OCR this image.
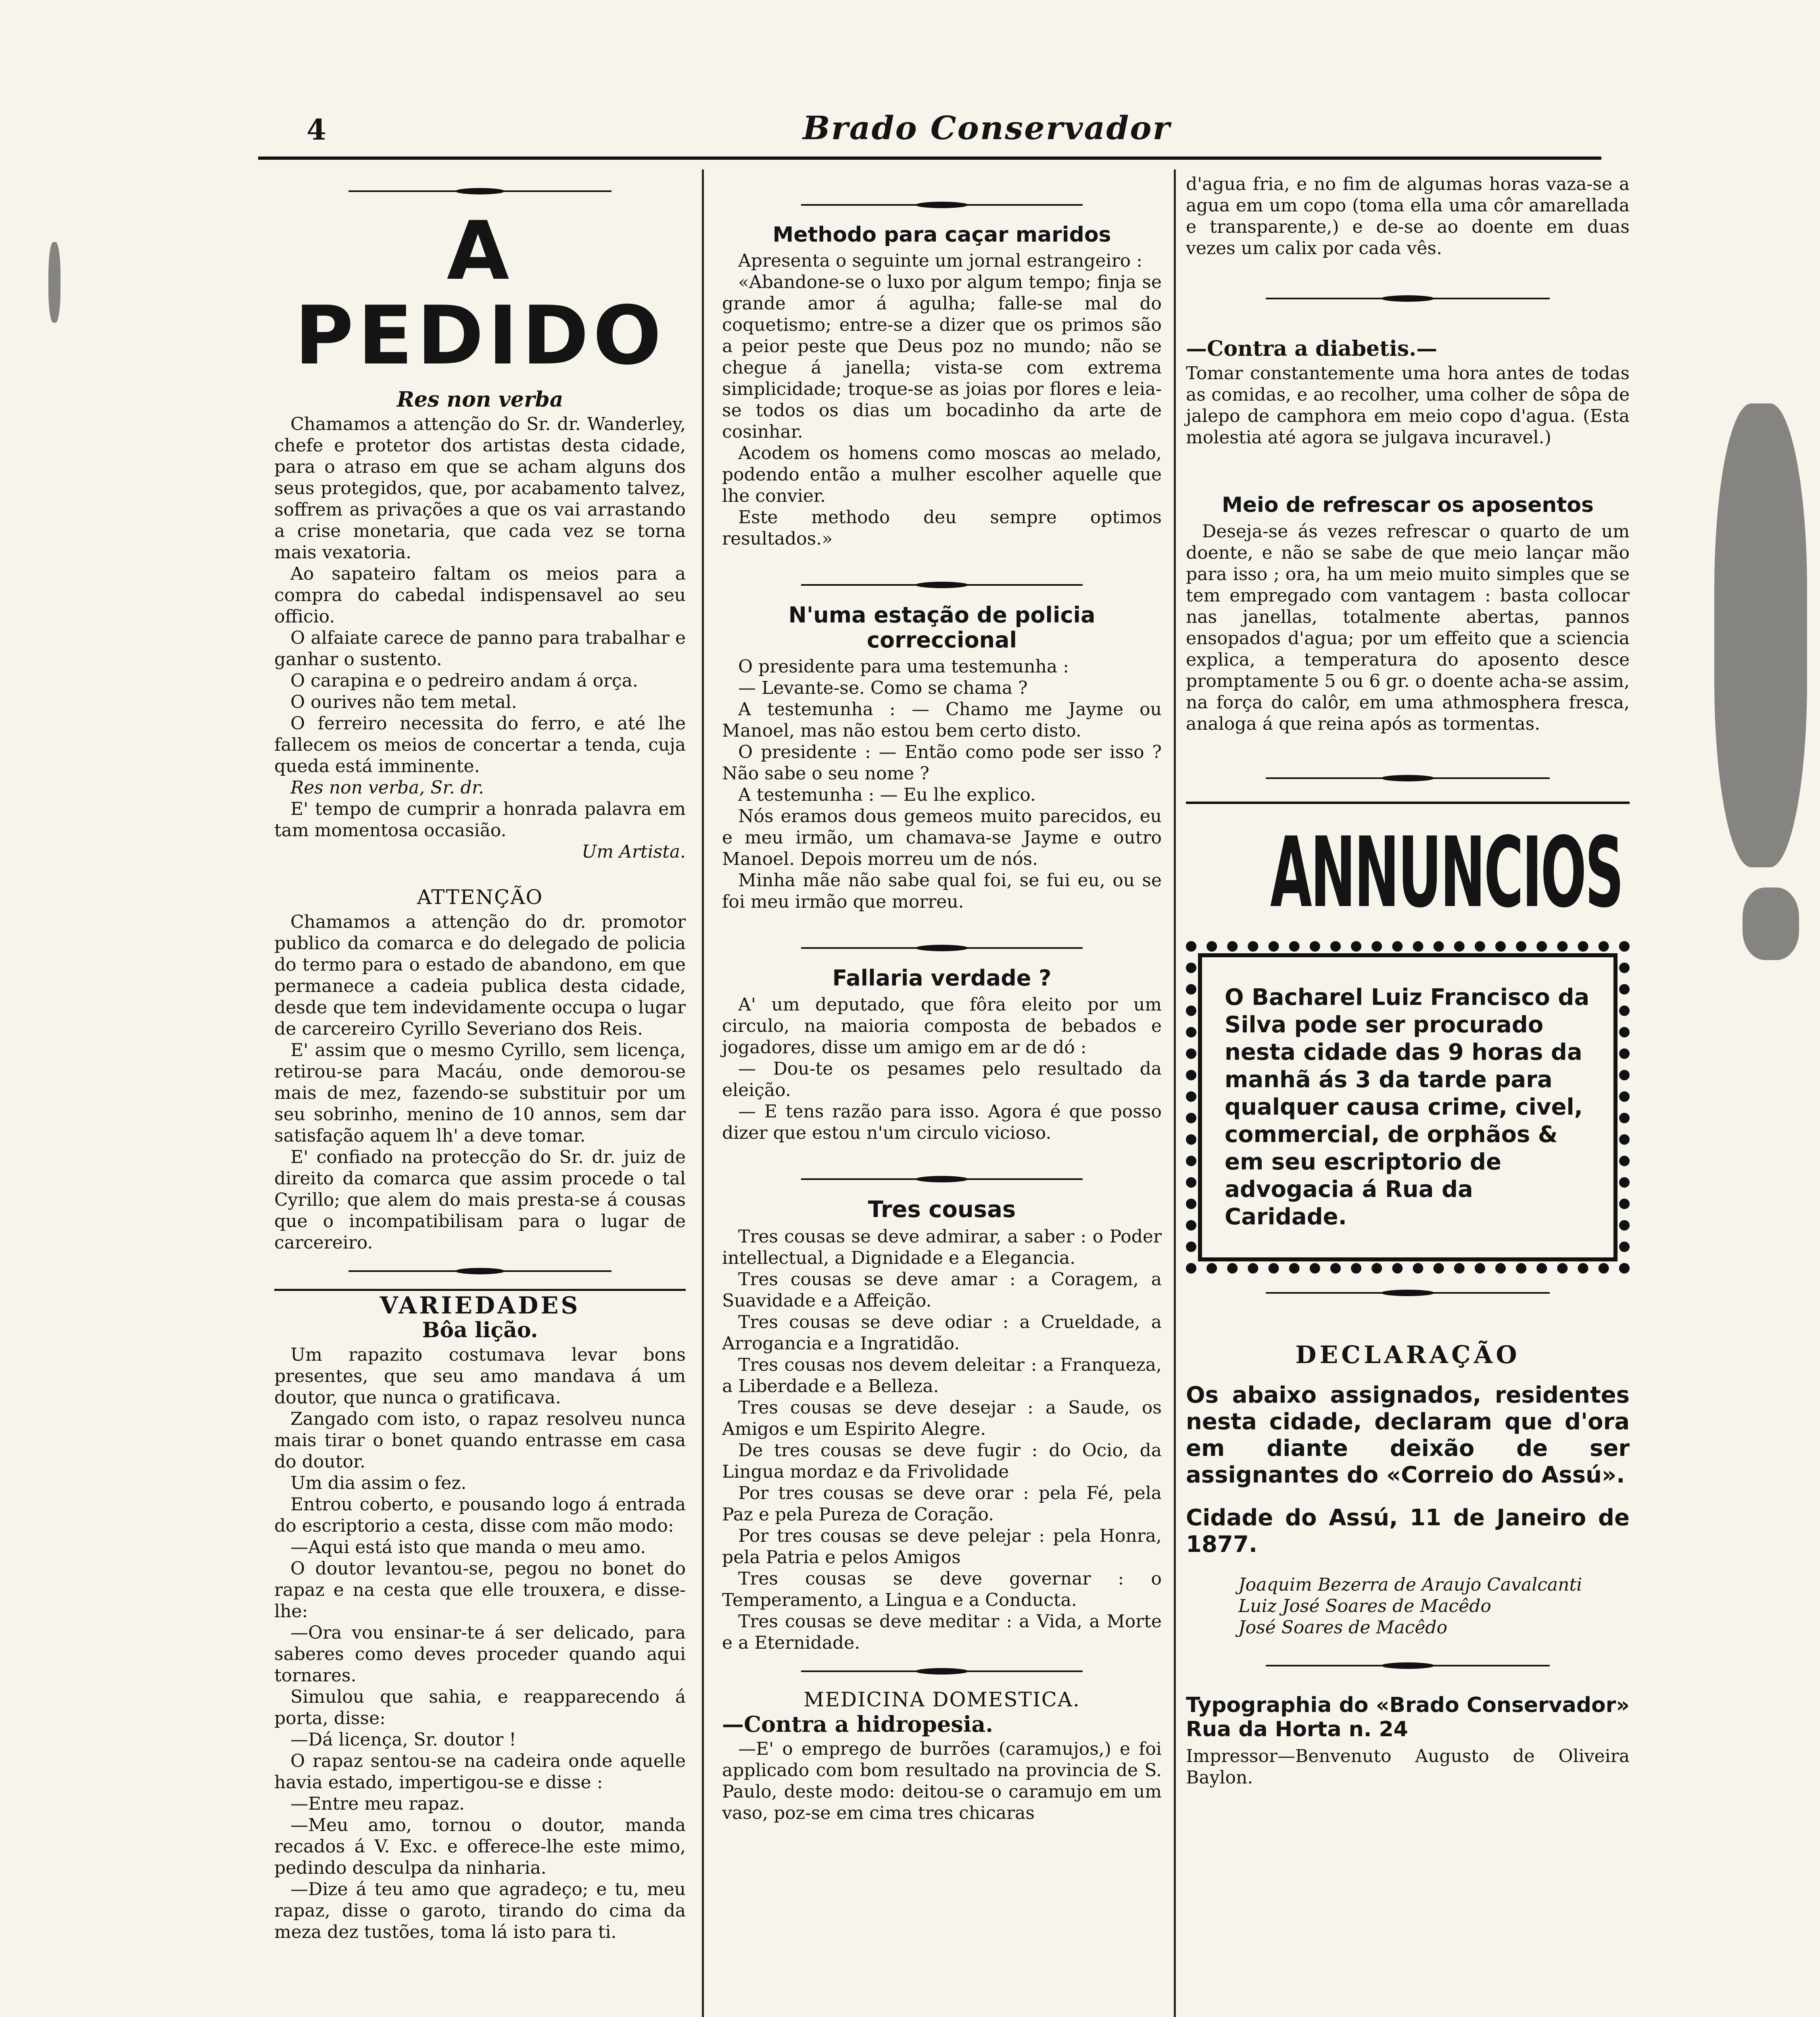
4	Brado Conservador
A PEDIDO
Res non verba

Chamamos a attenção do Sr. dr. Wanderley, chefe e protetor dos artistas desta cidade, para o atraso em que se acham alguns dos seus protegidos, que, por acabamento talvez, soffrem as privações a que os vai arrastando a crise monetaria, que cada vez se torna mais vexatoria.

Ao sapateiro faltam os meios para a compra do cabedal indispensavel ao seu officio.

O alfaiate carece de panno para trabalhar e ganhar o sustento.

O carapina e o pedreiro andam á orça.

O ourives não tem metal.

O ferreiro necessita do ferro, e até lhe fallecem os meios de concertar a tenda, cuja queda está imminente.

Res non verba, Sr. dr.

E' tempo de cumprir a honrada palavra em tam momentosa occasião.

Um Artista.

ATTENÇÃO

Chamamos a attenção do dr. promotor publico da comarca e do delegado de policia do termo para o estado de abandono, em que permanece a cadeia publica desta cidade, desde que tem indevidamente occupa o lugar de carcereiro Cyrillo Severiano dos Reis.

E' assim que o mesmo Cyrillo, sem licença, retirou-se para Macáu, onde demorou-se mais de mez, fazendo-se substituir por um seu sobrinho, menino de 10 annos, sem dar satisfação aquem lh' a deve tomar.

E' confiado na protecção do Sr. dr. juiz de direito da comarca que assim procede o tal Cyrillo; que alem do mais presta-se á cousas que o incompatibilisam para o lugar de carcereiro.

VARIEDADES
Bôa lição.

Um rapazito costumava levar bons presentes, que seu amo mandava á um doutor, que nunca o gratificava.

Zangado com isto, o rapaz resolveu nunca mais tirar o bonet quando entrasse em casa do doutor.

Um dia assim o fez.

Entrou coberto, e pousando logo á entrada do escriptorio a cesta, disse com mão modo:

—Aqui está isto que manda o meu amo.

O doutor levantou-se, pegou no bonet do rapaz e na cesta que elle trouxera, e disse-lhe:

—Ora vou ensinar-te á ser delicado, para saberes como deves proceder quando aqui tornares.

Simulou que sahia, e reapparecendo á porta, disse:

—Dá licença, Sr. doutor !

O rapaz sentou-se na cadeira onde aquelle havia estado, impertigou-se e disse :

—Entre meu rapaz.

—Meu amo, tornou o doutor, manda recados á V. Exc. e offerece-lhe este mimo, pedindo desculpa da ninharia.

—Dize á teu amo que agradeço; e tu, meu rapaz, disse o garoto, tirando do cima da meza dez tustões, toma lá isto para ti.

Methodo para caçar maridos

Apresenta o seguinte um jornal estrangeiro :

«Abandone-se o luxo por algum tempo; finja se grande amor á agulha; falle-se mal do coquetismo; entre-se a dizer que os primos são a peior peste que Deus poz no mundo; não se chegue á janella; vista-se com extrema simplicidade; troque-se as joias por flores e leia-se todos os dias um bocadinho da arte de cosinhar.

Acodem os homens como moscas ao melado, podendo então a mulher escolher aquelle que lhe convier.

Este methodo deu sempre optimos resultados.»

N'uma estação de policia correccional

O presidente para uma testemunha :

— Levante-se. Como se chama ?

A testemunha : — Chamo me Jayme ou Manoel, mas não estou bem certo disto.

O presidente : — Então como pode ser isso ? Não sabe o seu nome ?

A testemunha : — Eu lhe explico.

Nós eramos dous gemeos muito parecidos, eu e meu irmão, um chamava-se Jayme e outro Manoel. Depois morreu um de nós.

Minha mãe não sabe qual foi, se fui eu, ou se foi meu irmão que morreu.

Fallaria verdade ?

A' um deputado, que fôra eleito por um circulo, na maioria composta de bebados e jogadores, disse um amigo em ar de dó :

— Dou-te os pesames pelo resultado da eleição.

— E tens razão para isso. Agora é que posso dizer que estou n'um circulo vicioso.

Tres cousas

Tres cousas se deve admirar, a saber : o Poder intellectual, a Dignidade e a Elegancia.

Tres cousas se deve amar : a Coragem, a Suavidade e a Affeição.

Tres cousas se deve odiar : a Crueldade, a Arrogancia e a Ingratidão.

Tres cousas nos devem deleitar : a Franqueza, a Liberdade e a Belleza.

Tres cousas se deve desejar : a Saude, os Amigos e um Espirito Alegre.

De tres cousas se deve fugir : do Ocio, da Lingua mordaz e da Frivolidade

Por tres cousas se deve orar : pela Fé, pela Paz e pela Pureza de Coração.

Por tres cousas se deve pelejar : pela Honra, pela Patria e pelos Amigos

Tres cousas se deve governar : o Temperamento, a Lingua e a Conducta.

Tres cousas se deve meditar : a Vida, a Morte e a Eternidade.

MEDICINA DOMESTICA.
—Contra a hidropesia.

—E' o emprego de burrões (caramujos,) e foi applicado com bom resultado na provincia de S. Paulo, deste modo: deitou-se o caramujo em um vaso, poz-se em cima tres chicaras

d'agua fria, e no fim de algumas horas vaza-se a agua em um copo (toma ella uma côr amarellada e transparente,) e de-se ao doente em duas vezes um calix por cada vês.

—Contra a diabetis.—

Tomar constantemente uma hora antes de todas as comidas, e ao recolher, uma colher de sôpa de jalepo de camphora em meio copo d'agua. (Esta molestia até agora se julgava incuravel.)

Meio de refrescar os aposentos

Deseja-se ás vezes refrescar o quarto de um doente, e não se sabe de que meio lançar mão para isso ; ora, ha um meio muito simples que se tem empregado com vantagem : basta collocar nas janellas, totalmente abertas, pannos ensopados d'agua; por um effeito que a sciencia explica, a temperatura do aposento desce promptamente 5 ou 6 gr. o doente acha-se assim, na força do calôr, em uma athmosphera fresca, analoga á que reina após as tormentas.

ANNUNCIOS
O Bacharel Luiz Francisco da Silva pode ser procurado nesta cidade das 9 horas da manhã ás 3 da tarde para qualquer causa crime, civel, commercial, de orphãos & em seu escriptorio de advogacia á Rua da Caridade.
DECLARAÇÃO
Os abaixo assignados, residentes nesta cidade, declaram que d'ora em diante deixão de ser assignantes do «Correio do Assú».
Cidade do Assú, 11 de Janeiro de 1877.

Joaquim Bezerra de Araujo Cavalcanti

Luiz José Soares de Macêdo

José Soares de Macêdo

Typographia do «Brado Conservador» Rua da Horta n. 24

Impressor—Benvenuto Augusto de Oliveira Baylon.
